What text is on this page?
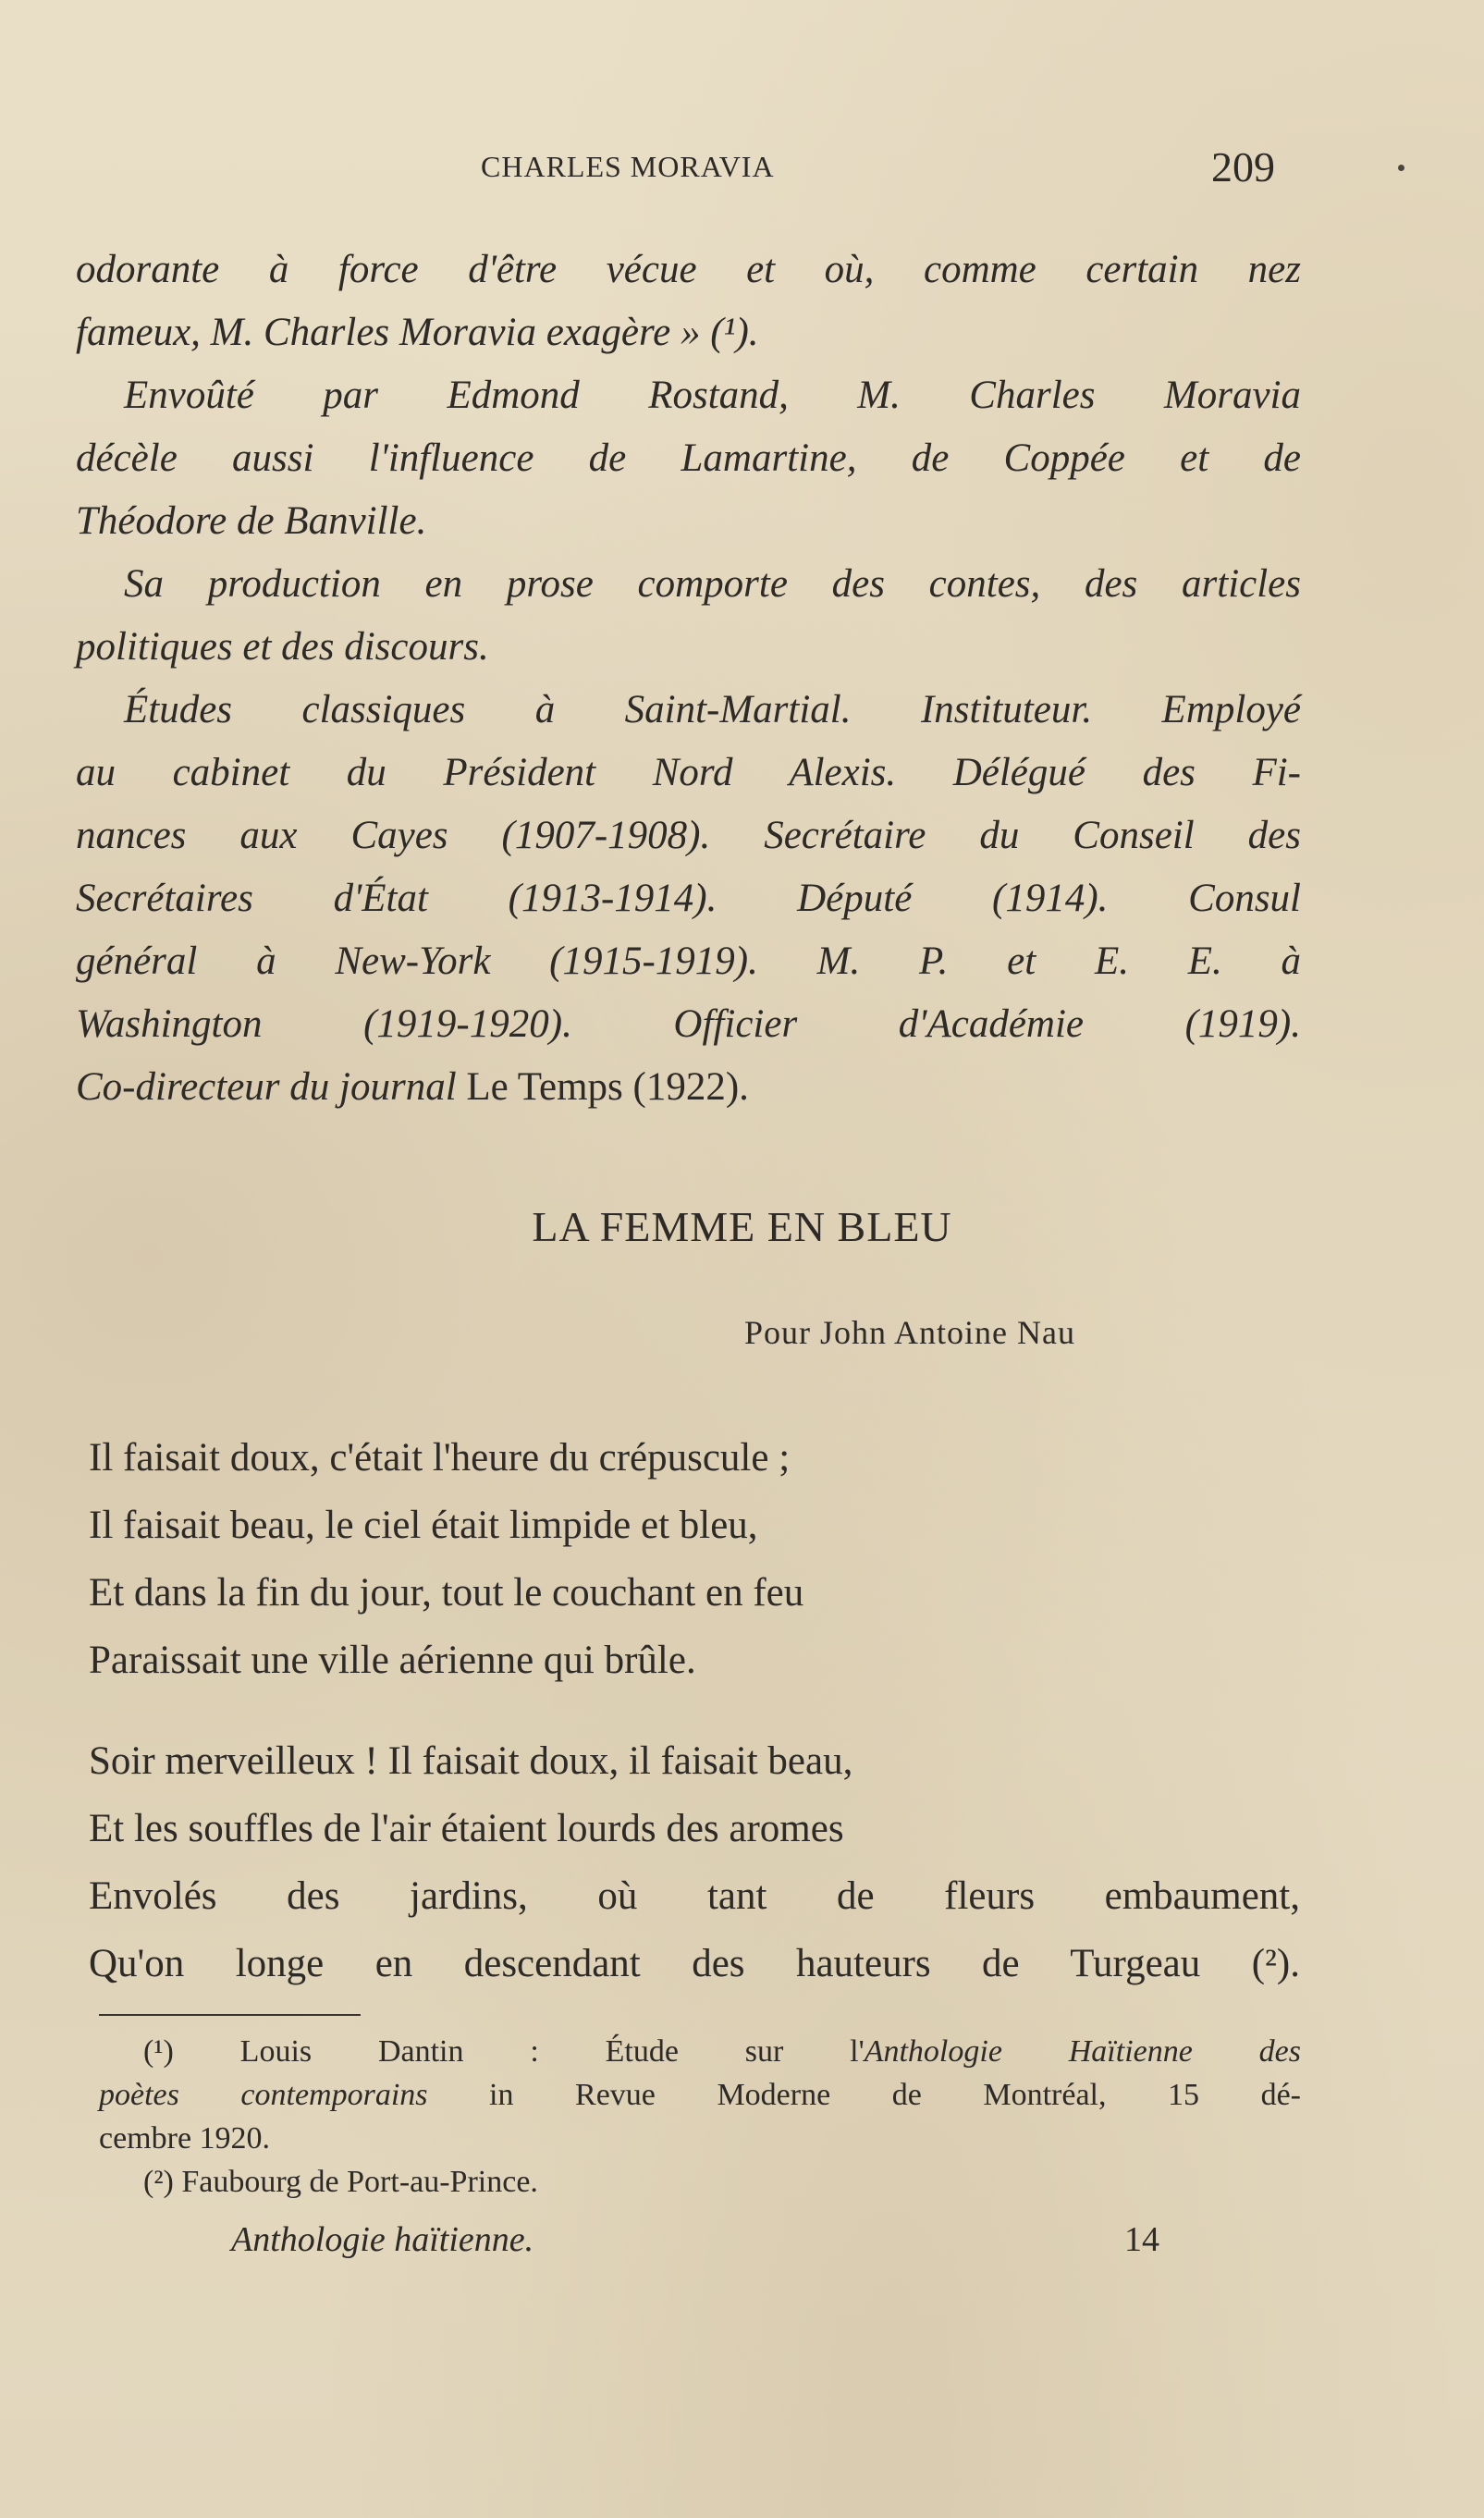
CHARLES MORAVIA	209
odorante à force d'être vécue et où, comme certain nez
fameux, M. Charles Moravia exagère » (¹).
Envoûté par Edmond Rostand, M. Charles Moravia
décèle aussi l'influence de Lamartine, de Coppée et de
Théodore de Banville.
Sa production en prose comporte des contes, des articles
politiques et des discours.
Études classiques à Saint-Martial. Instituteur. Employé
au cabinet du Président Nord Alexis. Délégué des Fi-
nances aux Cayes (1907-1908). Secrétaire du Conseil des
Secrétaires d'État (1913-1914). Député (1914). Consul
général à New-York (1915-1919). M. P. et E. E. à
Washington (1919-1920). Officier d'Académie (1919).
Co-directeur du journal Le Temps (1922).
LA FEMME EN BLEU
Pour John Antoine Nau
Il faisait doux, c'était l'heure du crépuscule ;
Il faisait beau, le ciel était limpide et bleu,
Et dans la fin du jour, tout le couchant en feu
Paraissait une ville aérienne qui brûle.
Soir merveilleux ! Il faisait doux, il faisait beau,
Et les souffles de l'air étaient lourds des aromes
Envolés des jardins, où tant de fleurs embaument,
Qu'on longe en descendant des hauteurs de Turgeau (²).
(¹) Louis Dantin : Étude sur l'Anthologie Haïtienne des
poètes contemporains in Revue Moderne de Montréal, 15 dé-
cembre 1920.
(²) Faubourg de Port-au-Prince.
Anthologie haïtienne.	14
